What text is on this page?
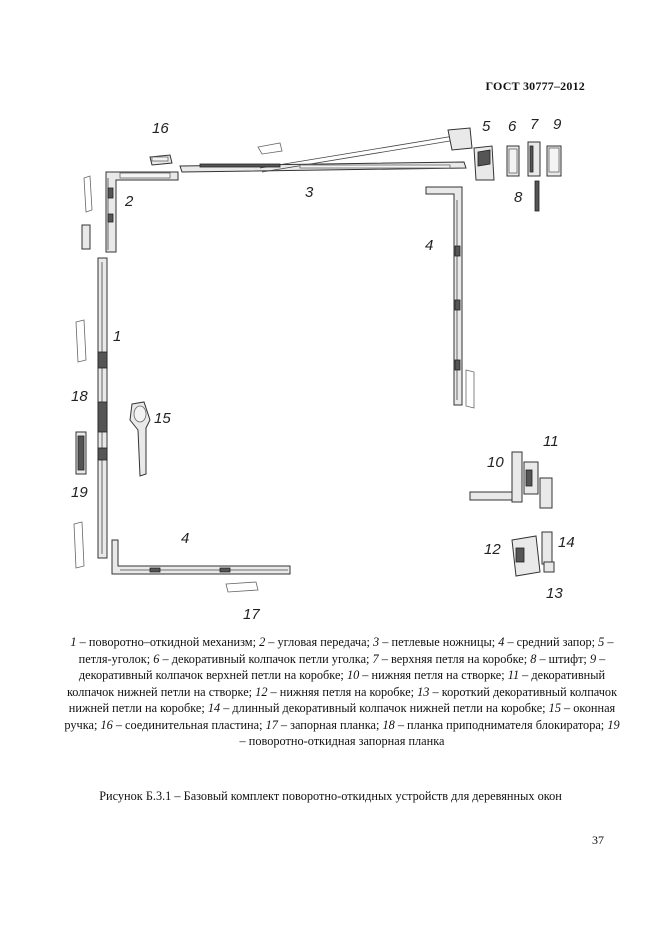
ГОСТ 30777–2012
16
2
3
5 6 7 9
8
4
1
18
15
19
4
11
10
12	14
13
17
1 – поворотно–откидной механизм; 2 – угловая передача; 3 – петлевые ножницы; 4 – средний запор; 5 – петля-уголок; 6 – декоративный колпачок петли уголка; 7 – верхняя петля на коробке; 8 – штифт; 9 – декоративный колпачок верхней петли на коробке; 10 – нижняя петля на створке; 11 – декоративный колпачок нижней петли на створке; 12 – нижняя петля на коробке; 13 – короткий декоративный колпачок нижней петли на коробке; 14 – длинный декоративный колпачок нижней петли на коробке; 15 – оконная ручка; 16 – соединительная пластина; 17 – запорная планка; 18 – планка приподнимателя блокиратора; 19 – поворотно-откидная запорная планка
Рисунок Б.3.1 – Базовый комплект поворотно-откидных устройств для деревянных окон
37
